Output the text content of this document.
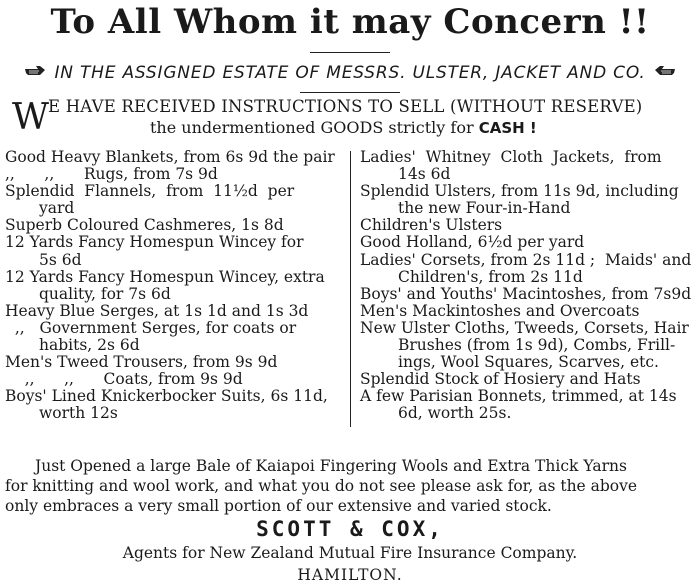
To All Whom it may Concern !!
IN THE ASSIGNED ESTATE OF MESSRS. ULSTER, JACKET AND CO.
W
E HAVE RECEIVED INSTRUCTIONS TO SELL (WITHOUT RESERVE)
the undermentioned GOODS strictly for CASH !
Good Heavy Blankets, from 6s 9d the pair
,,      ,,      Rugs, from 7s 9d
Splendid  Flannels,  from  11½d  per
yard
Superb Coloured Cashmeres, 1s 8d
12 Yards Fancy Homespun Wincey for
5s 6d
12 Yards Fancy Homespun Wincey, extra
quality, for 7s 6d
Heavy Blue Serges, at 1s 1d and 1s 3d
,,   Government Serges, for coats or
habits, 2s 6d
Men's Tweed Trousers, from 9s 9d
,,      ,,      Coats, from 9s 9d
Boys' Lined Knickerbocker Suits, 6s 11d,
worth 12s
Ladies'  Whitney  Cloth  Jackets,  from
14s 6d
Splendid Ulsters, from 11s 9d, including
the new Four-in-Hand
Children's Ulsters
Good Holland, 6½d per yard
Ladies' Corsets, from 2s 11d ;  Maids' and
Children's, from 2s 11d
Boys' and Youths' Macintoshes, from 7s9d
Men's Mackintoshes and Overcoats
New Ulster Cloths, Tweeds, Corsets, Hair
Brushes (from 1s 9d), Combs, Frill-
ings, Wool Squares, Scarves, etc.
Splendid Stock of Hosiery and Hats
A few Parisian Bonnets, trimmed, at 14s
6d, worth 25s.
Just Opened a large Bale of Kaiapoi Fingering Wools and Extra Thick Yarns
for knitting and wool work, and what you do not see please ask for, as the above
only embraces a very small portion of our extensive and varied stock.
SCOTT & COX,
Agents for New Zealand Mutual Fire Insurance Company.
HAMILTON.
